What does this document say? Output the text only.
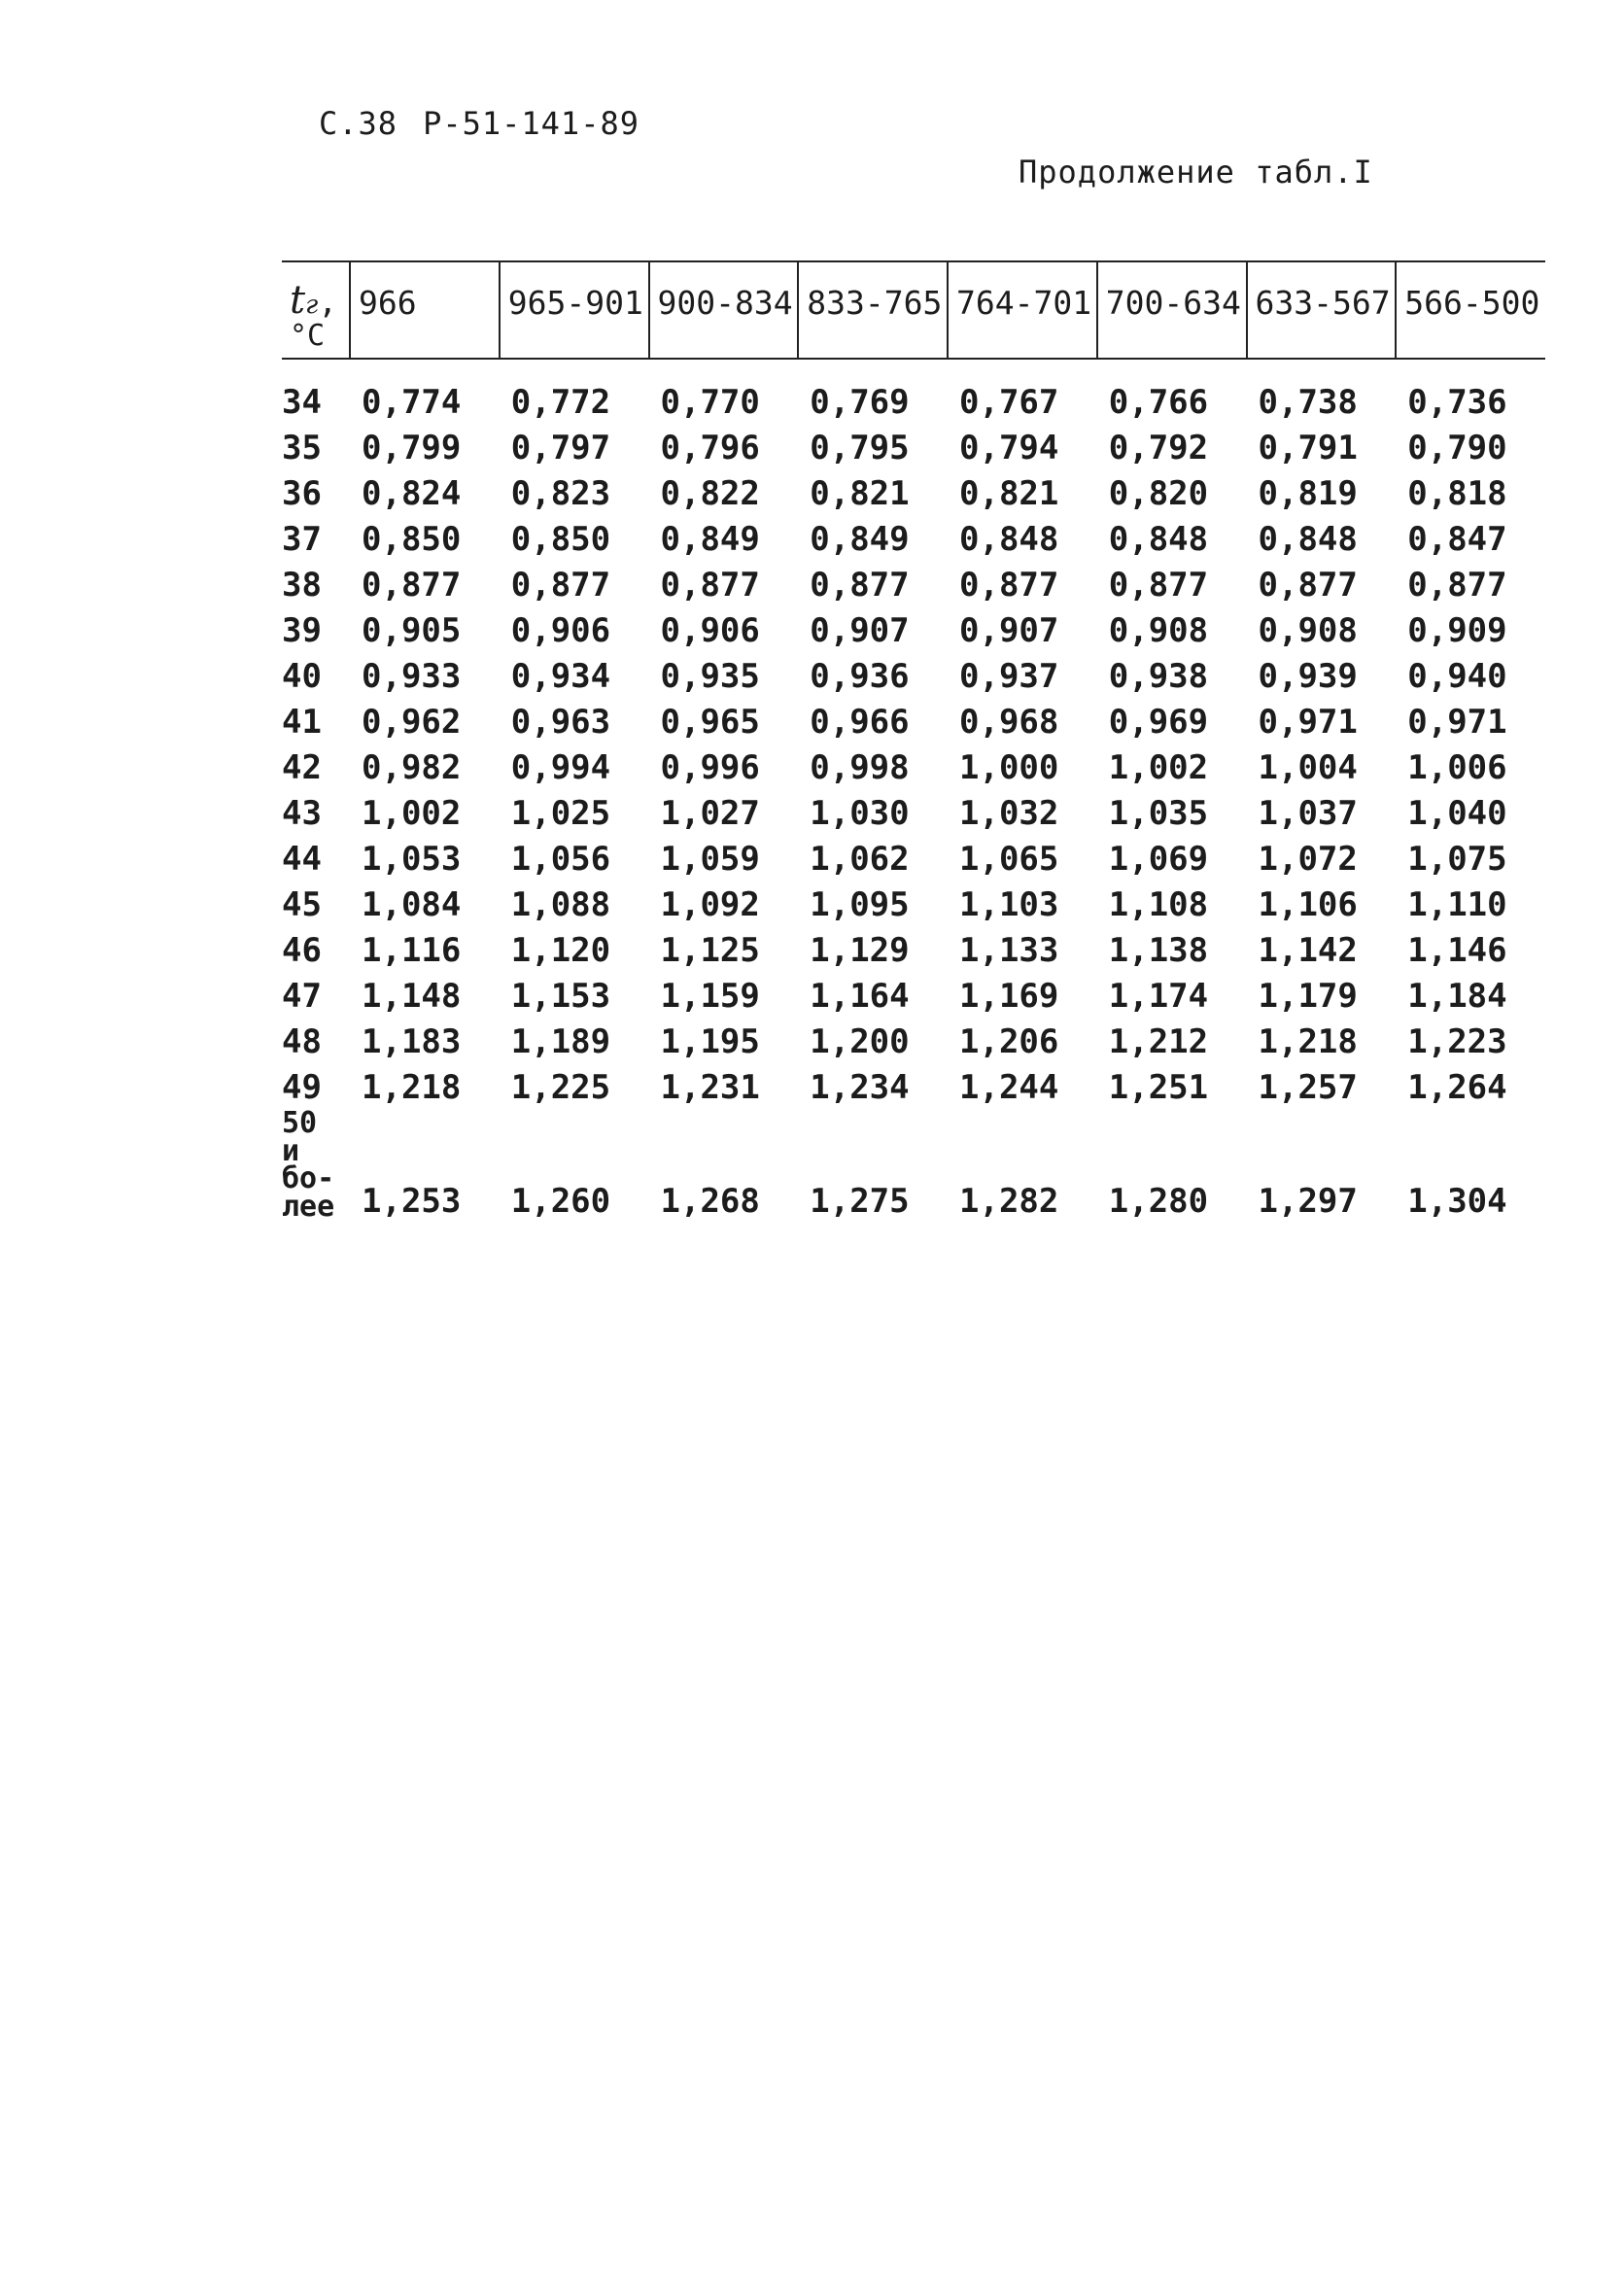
С.38 Р-51-141-89
Продолжение табл.I
tг,
°С	966	965-901	900-834	833-765	764-701	700-634	633-567	566-500

34	0,774	0,772	0,770	0,769	0,767	0,766	0,738	0,736
35	0,799	0,797	0,796	0,795	0,794	0,792	0,791	0,790
36	0,824	0,823	0,822	0,821	0,821	0,820	0,819	0,818
37	0,850	0,850	0,849	0,849	0,848	0,848	0,848	0,847
38	0,877	0,877	0,877	0,877	0,877	0,877	0,877	0,877
39	0,905	0,906	0,906	0,907	0,907	0,908	0,908	0,909
40	0,933	0,934	0,935	0,936	0,937	0,938	0,939	0,940
41	0,962	0,963	0,965	0,966	0,968	0,969	0,971	0,971
42	0,982	0,994	0,996	0,998	1,000	1,002	1,004	1,006
43	1,002	1,025	1,027	1,030	1,032	1,035	1,037	1,040
44	1,053	1,056	1,059	1,062	1,065	1,069	1,072	1,075
45	1,084	1,088	1,092	1,095	1,103	1,108	1,106	1,110
46	1,116	1,120	1,125	1,129	1,133	1,138	1,142	1,146
47	1,148	1,153	1,159	1,164	1,169	1,174	1,179	1,184
48	1,183	1,189	1,195	1,200	1,206	1,212	1,218	1,223
49	1,218	1,225	1,231	1,234	1,244	1,251	1,257	1,264

50 и
бо-
лее	1,253	1,260	1,268	1,275	1,282	1,280	1,297	1,304
